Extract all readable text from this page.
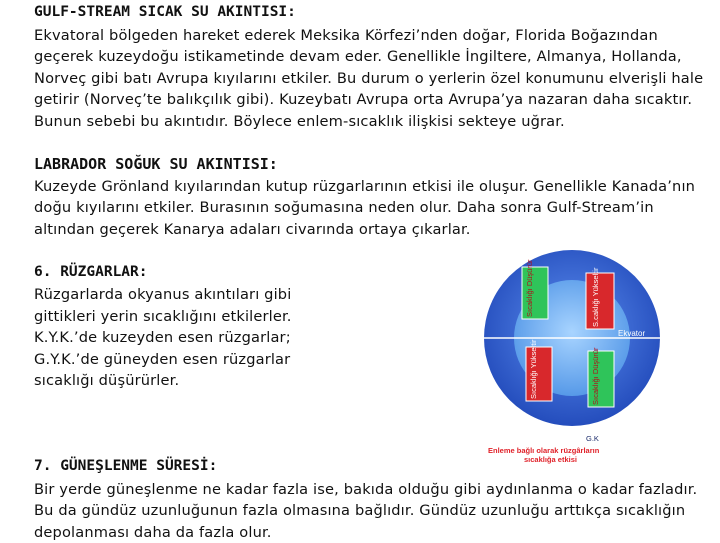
GULF-STREAM SICAK SU AKINTISI:
Ekvatoral bölgeden hareket ederek Meksika Körfezi’nden doğar, Florida Boğazından geçerek kuzeydoğu istikametinde devam eder. Genellikle İngiltere, Almanya, Hollanda, Norveç gibi batı Avrupa kıyılarını etkiler. Bu durum o yerlerin özel konumunu elverişli hale getirir (Norveç’te balıkçılık gibi). Kuzeybatı Avrupa orta Avrupa’ya nazaran daha sıcaktır. Bunun sebebi bu akıntıdır. Böylece enlem-sıcaklık ilişkisi sekteye uğrar.
LABRADOR SOĞUK SU AKINTISI:
Kuzeyde Grönland kıyılarından kutup rüzgarlarının etkisi ile oluşur. Genellikle Kanada’nın doğu kıyılarını etkiler. Burasının soğumasına neden olur. Daha sonra Gulf-Stream’in altından geçerek Kanarya adaları civarında ortaya çıkarlar.
6. RÜZGARLAR:
Rüzgarlarda okyanus akıntıları gibi gittikleri yerin sıcaklığını etkilerler. K.Y.K.’de kuzeyden esen rüzgarlar; G.Y.K.’de güneyden esen rüzgarlar sıcaklığı düşürürler.
Sıcaklığı Düşürür	S.caklığı Yükseltir
Sıcaklığı Yükseltir	Sıcaklığı Düşürür
Ekvator
G.K
Enleme bağlı olarak rüzgârların
sıcaklığa etkisi
7. GÜNEŞLENME SÜRESİ:
Bir yerde güneşlenme ne kadar fazla ise, bakıda olduğu gibi aydınlanma o kadar fazladır. Bu da gündüz uzunluğunun fazla olmasına bağlıdır. Gündüz uzunluğu arttıkça sıcaklığın depolanması daha da fazla olur.
